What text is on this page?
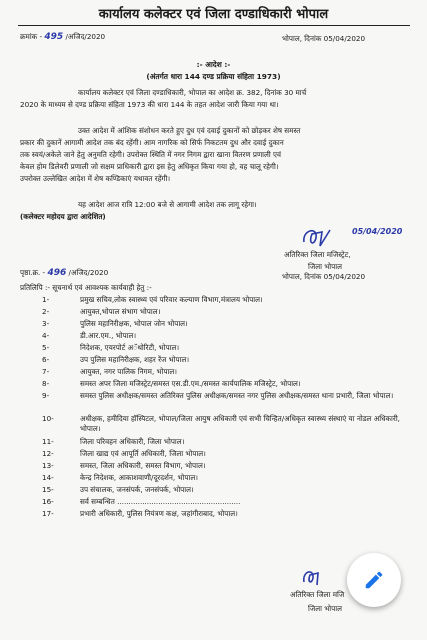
कार्यालय कलेक्टर एवं जिला दण्डाधिकारी भोपाल
क्रमांक - 495 /अजिद/2020	भोपाल, दिनांक 05/04/2020
:- आदेश :-
(अंतर्गत धारा 144 दण्ड प्रक्रिया संहिता 1973)
कार्यालय कलेक्टर एवं जिला दण्डाधिकारी, भोपाल का आदेश क्र. 382, दिनांक 30 मार्च
2020 के माध्यम से दण्ड प्रक्रिया संहिता 1973 की धारा 144 के तहत आदेश जारी किया गया था।
उक्त आदेश में आंशिक संशोधन करते हुए दुध एवं दवाई दुकानों को छोड़कर शेष समस्त
प्रकार की दुकानें आगामी आदेश तक बंद रहेंगी। आम नागरिक को सिर्फ निकटतम दुध और दवाई दुकान
तक स्वयं/अकेले जाने हेतु अनुमति रहेगी। उपरोक्त स्थिति में नगर निगम द्वारा खाना वितरण प्रणाली एवं
केवल होम डिलेवरी प्रणाली जो सक्षम प्राधिकारी द्वारा इस हेतु अधिकृत किया गया हो, वह चालू रहेगी।
उपरोक्त उल्लेखित आदेश में शेष कण्डिकाएं यथावत रहेंगी।
यह आदेश आज रात्रि 12:00 बजे से आगामी आदेश तक लागू रहेगा।
(कलेक्टर महोदय द्वारा आदेशित)
05/04/2020
अतिरिक्त जिला मजिस्ट्रेट,
जिला भोपाल
पृष्ठा.क्र. - 496 /अजिद/2020	भोपाल, दिनांक 05/04/2020
प्रतिलिपि :- सूचनार्थ एवं आवश्यक कार्यवाही हेतु :-
1-	प्रमुख सचिव,लोक स्वास्थ्य एवं परिवार कल्याण विभाग,मंत्रालय भोपाल।
2-	आयुक्त,भोपाल संभाग भोपाल।
3-	पुलिस महानिरीक्षक, भोपाल जोन भोपाल।
4-	डी.आर.एम., भोपाल।
5-	निदेशक, एयरपोर्ट अॅथोरिटी, भोपाल।
6-	उप पुलिस महानिरीक्षक, शहर रेंज भोपाल।
7-	आयुक्त, नगर पालिक निगम, भोपाल।
8-	समस्त अपर जिला मजिस्ट्रेट/समस्त एस.डी.एम./समस्त कार्यपालिक मजिस्ट्रेट, भोपाल।
9-	समस्त पुलिस अधीक्षक/समस्त अतिरिक्त पुलिस अधीक्षक/समस्त नगर पुलिस अधीक्षक/समस्त थाना प्रभारी, जिला भोपाल।
10-	अधीक्षक, हमीदिया हॉस्पिटल, भोपाल/जिला आयुष अधिकारी एवं सभी चिन्हित/अधिकृत स्वास्थ्य संस्थाएं या नोडल अधिकारी, भोपाल।
11-	जिला परिवहन अधिकारी, जिला भोपाल।
12-	जिला खाद्य एवं आपूर्ति अधिकारी, जिला भोपाल।
13-	समस्त, जिला अधिकारी, समस्त विभाग, भोपाल।
14-	केन्द्र निदेशक, आकाशवाणी/दूरदर्शन, भोपाल।
15-	उप संचालक, जनसंपर्क, जनसंपर्क, भोपाल।
16-	सर्व सम्बन्धित ......................................................
17-	प्रभारी अधिकारी, पुलिस नियंत्रण कक्ष, जहांगीराबाद, भोपाल।
अतिरिक्त जिला मजि
जिला भोपाल
